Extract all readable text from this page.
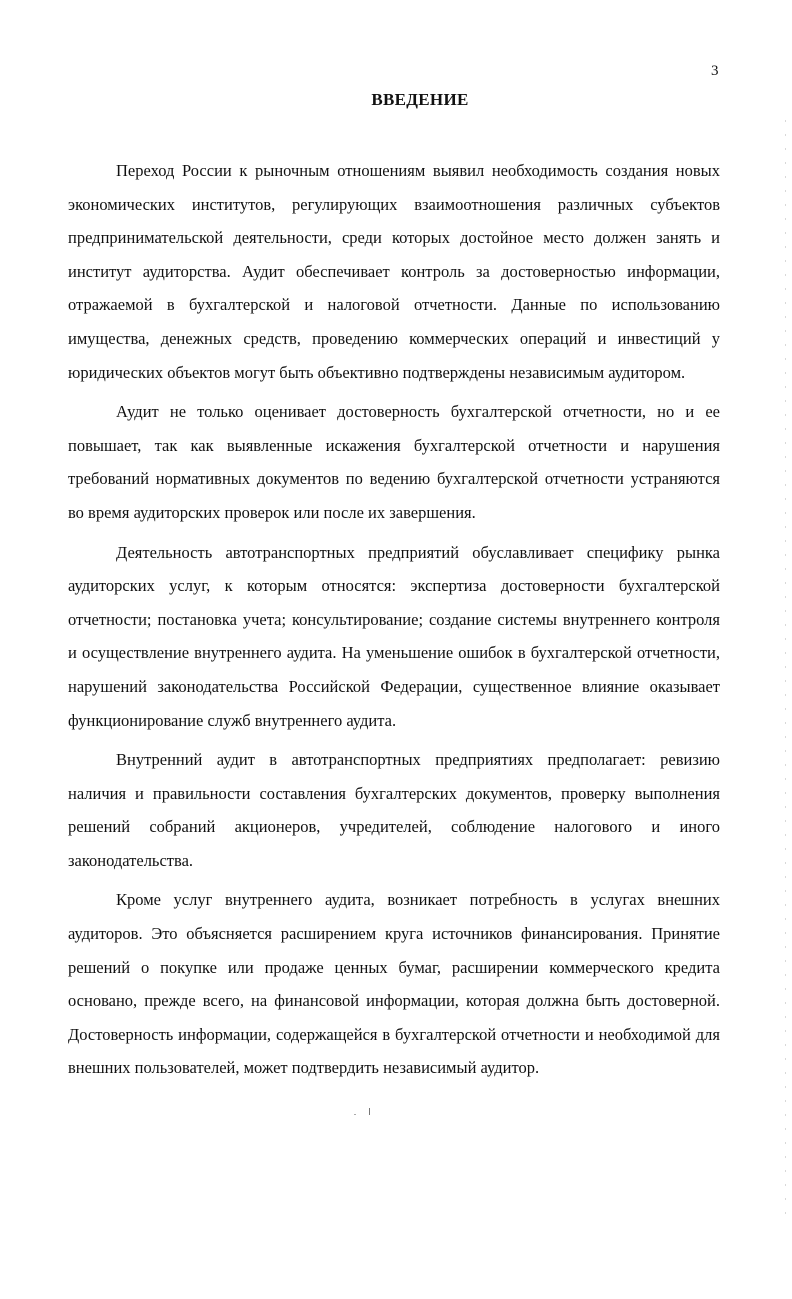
3
ВВЕДЕНИЕ

Переход России к рыночным отношениям выявил необходимость создания новых экономических институтов, регулирующих взаимоотношения различных субъектов предпринимательской деятельности, среди которых достойное место должен занять и институт аудиторства. Аудит обеспечивает контроль за достоверностью информации, отражаемой в бухгалтерской и налоговой отчетности. Данные по использованию имущества, денежных средств, проведению коммерческих операций и инвестиций у юридических объектов могут быть объективно подтверждены независимым аудитором.

Аудит не только оценивает достоверность бухгалтерской отчетности, но и ее повышает, так как выявленные искажения бухгалтерской отчетности и нарушения требований нормативных документов по ведению бухгалтерской отчетности устраняются во время аудиторских проверок или после их завершения.

Деятельность автотранспортных предприятий обуславливает специфику рынка аудиторских услуг, к которым относятся: экспертиза достоверности бухгалтерской отчетности; постановка учета; консультирование; создание системы внутреннего контроля и осуществление внутреннего аудита. На уменьшение ошибок в бухгалтерской отчетности, нарушений законодательства Российской Федерации, существенное влияние оказывает функционирование служб внутреннего аудита.

Внутренний аудит в автотранспортных предприятиях предполагает: ревизию наличия и правильности составления бухгалтерских документов, проверку выполнения решений собраний акционеров, учредителей, соблюдение налогового и иного законодательства.

Кроме услуг внутреннего аудита, возникает потребность в услугах внешних аудиторов. Это объясняется расширением круга источников финансирования. Принятие решений о покупке или продаже ценных бумаг, расширении коммерческого кредита основано, прежде всего, на финансовой информации, которая должна быть достоверной. Достоверность информации, содержащейся в бухгалтерской отчетности и необходимой для внешних пользователей, может подтвердить независимый аудитор.
